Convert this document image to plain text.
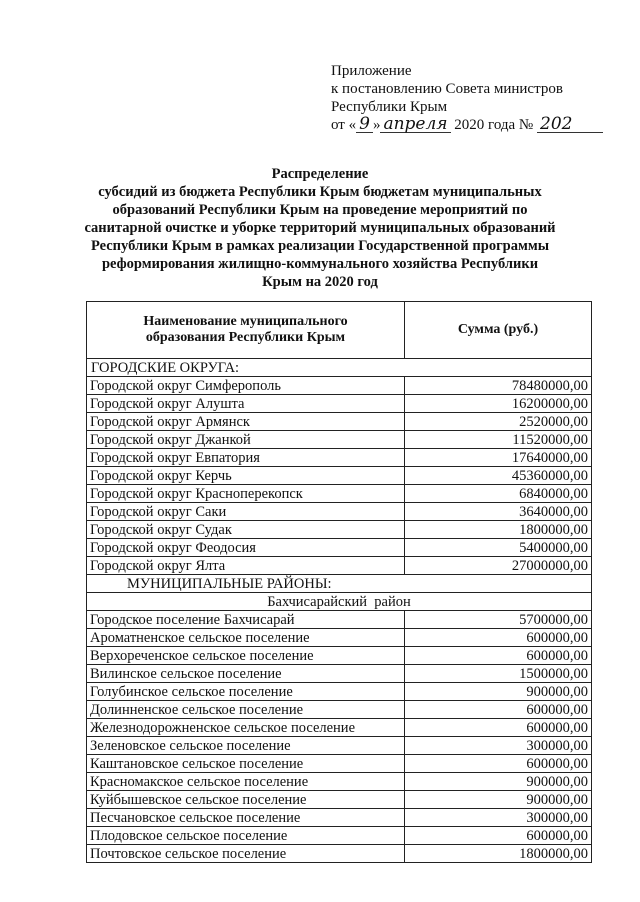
Приложение
к постановлению Совета министров
Республики Крым
от « 9 » апреля 2020 года № 202
Распределение
субсидий из бюджета Республики Крым бюджетам муниципальных
образований Республики Крым на проведение мероприятий по
санитарной очистке и уборке территорий муниципальных образований
Республики Крым в рамках реализации Государственной программы
реформирования жилищно-коммунального хозяйства Республики
Крым на 2020 год
Наименование муниципального
образования Республики Крым	Сумма (руб.)
ГОРОДСКИЕ ОКРУГА:	
Городской округ Симферополь	78480000,00
Городской округ Алушта	16200000,00
Городской округ Армянск	2520000,00
Городской округ Джанкой	11520000,00
Городской округ Евпатория	17640000,00
Городской округ Керчь	45360000,00
Городской округ Красноперекопск	6840000,00
Городской округ Саки	3640000,00
Городской округ Судак	1800000,00
Городской округ Феодосия	5400000,00
Городской округ Ялта	27000000,00
МУНИЦИПАЛЬНЫЕ РАЙОНЫ:	
Бахчисарайский  район	
Городское поселение Бахчисарай	5700000,00
Ароматненское сельское поселение	600000,00
Верхореченское сельское поселение	600000,00
Вилинское сельское поселение	1500000,00
Голубинское сельское поселение	900000,00
Долинненское сельское поселение	600000,00
Железнодорожненское сельское поселение	600000,00
Зеленовское сельское поселение	300000,00
Каштановское сельское поселение	600000,00
Красномакское сельское поселение	900000,00
Куйбышевское сельское поселение	900000,00
Песчановское сельское поселение	300000,00
Плодовское сельское поселение	600000,00
Почтовское сельское поселение	1800000,00
